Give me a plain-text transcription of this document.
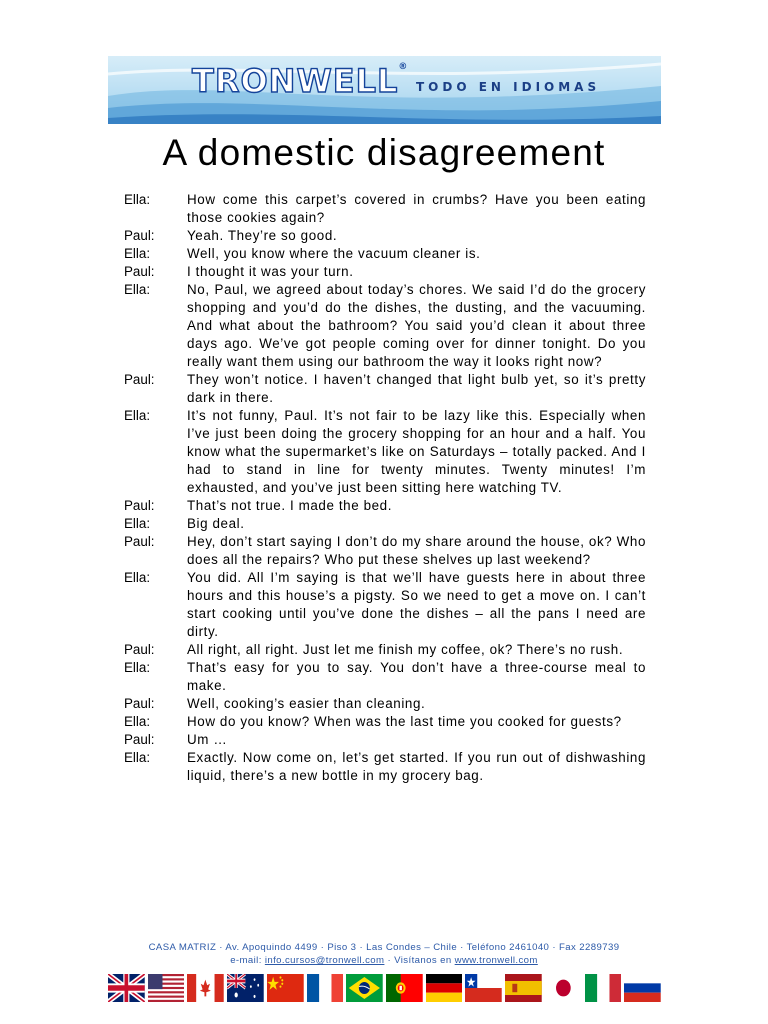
TRONWELL®
TODO EN IDIOMAS
A domestic disagreement
Ella:	How come this carpet’s covered in crumbs? Have you been eating those cookies again?
Paul:	Yeah. They’re so good.
Ella:	Well, you know where the vacuum cleaner is.
Paul:	I thought it was your turn.
Ella:	No, Paul, we agreed about today’s chores. We said I’d do the grocery shopping and you’d do the dishes, the dusting, and the vacuuming. And what about the bathroom? You said you’d clean it about three days ago. We’ve got people coming over for dinner tonight. Do you really want them using our bathroom the way it looks right now?
Paul:	They won’t notice. I haven’t changed that light bulb yet, so it’s pretty dark in there.
Ella:	It’s not funny, Paul. It’s not fair to be lazy like this. Especially when I’ve just been doing the grocery shopping for an hour and a half. You know what the supermarket’s like on Saturdays – totally packed. And I had to stand in line for twenty minutes. Twenty minutes! I’m exhausted, and you’ve just been sitting here watching TV.
Paul:	That’s not true. I made the bed.
Ella:	Big deal.
Paul:	Hey, don’t start saying I don’t do my share around the house, ok? Who does all the repairs? Who put these shelves up last weekend?
Ella:	You did. All I’m saying is that we’ll have guests here in about three hours and this house’s a pigsty. So we need to get a move on. I can’t start cooking until you’ve done the dishes – all the pans I need are dirty.
Paul:	All right, all right. Just let me finish my coffee, ok? There’s no rush.
Ella:	That’s easy for you to say. You don’t have a three-course meal to make.
Paul:	Well, cooking’s easier than cleaning.
Ella:	How do you know? When was the last time you cooked for guests?
Paul:	Um …
Ella:	Exactly. Now come on, let’s get started. If you run out of dishwashing liquid, there’s a new bottle in my grocery bag.
CASA MATRIZ · Av. Apoquindo 4499 · Piso 3 · Las Condes – Chile · Teléfono 2461040 · Fax 2289739
e-mail: info.cursos@tronwell.com · Visítanos en www.tronwell.com
